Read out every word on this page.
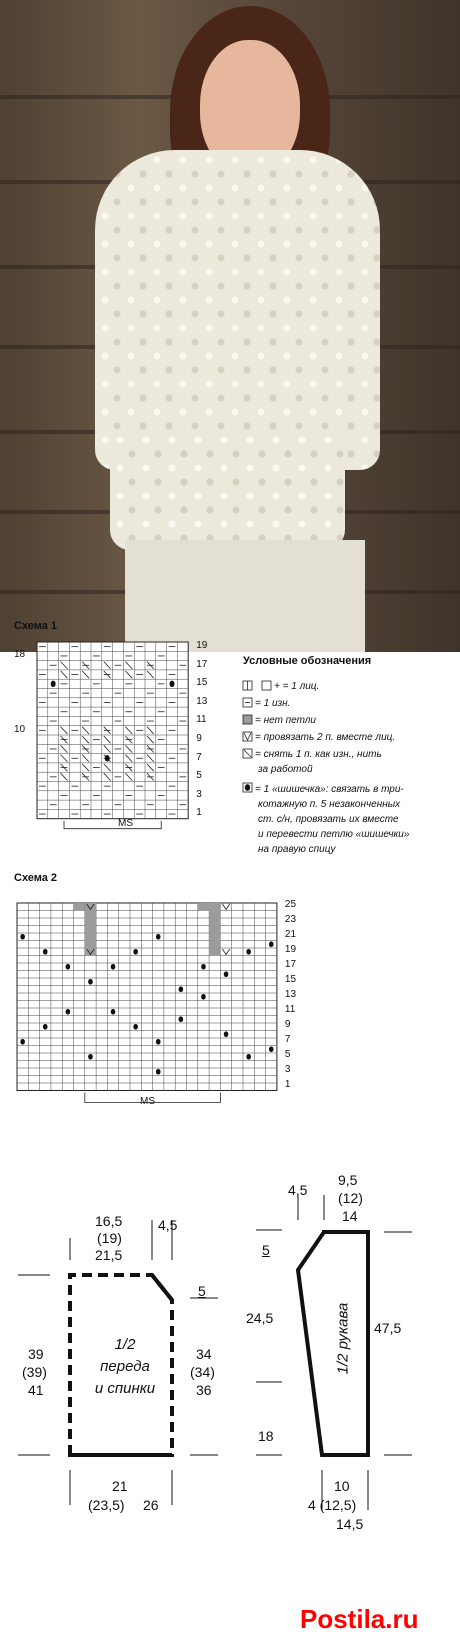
Схема 1
19
17
15
13
11
9
7
5
3
1
18
10
MS
Условные обозначения
+ = 1 лиц.
= 1 изн.
= нет петли
= провязать 2 п. вместе лиц.
= снять 1 п. как изн., нить
за работой
= 1 «шишечка»: связать в три-
котажную п. 5 незаконченных
ст. с/н, провязать их вместе
и перевести петлю «шишечки»
на правую спицу
Схема 2
25
23
21
19
17
15
13
11
9
7
5
3
1
MS
16,5
(19)
21,5
4,5
5
39
(39)
41
34
(34)
36
1/2
переда
и спинки
21
(23,5) 26
9,5
(12)
14
4,5
5
24,5
18
47,5
1/2 рукава
10
4 (12,5)
14,5
Postila.ru
